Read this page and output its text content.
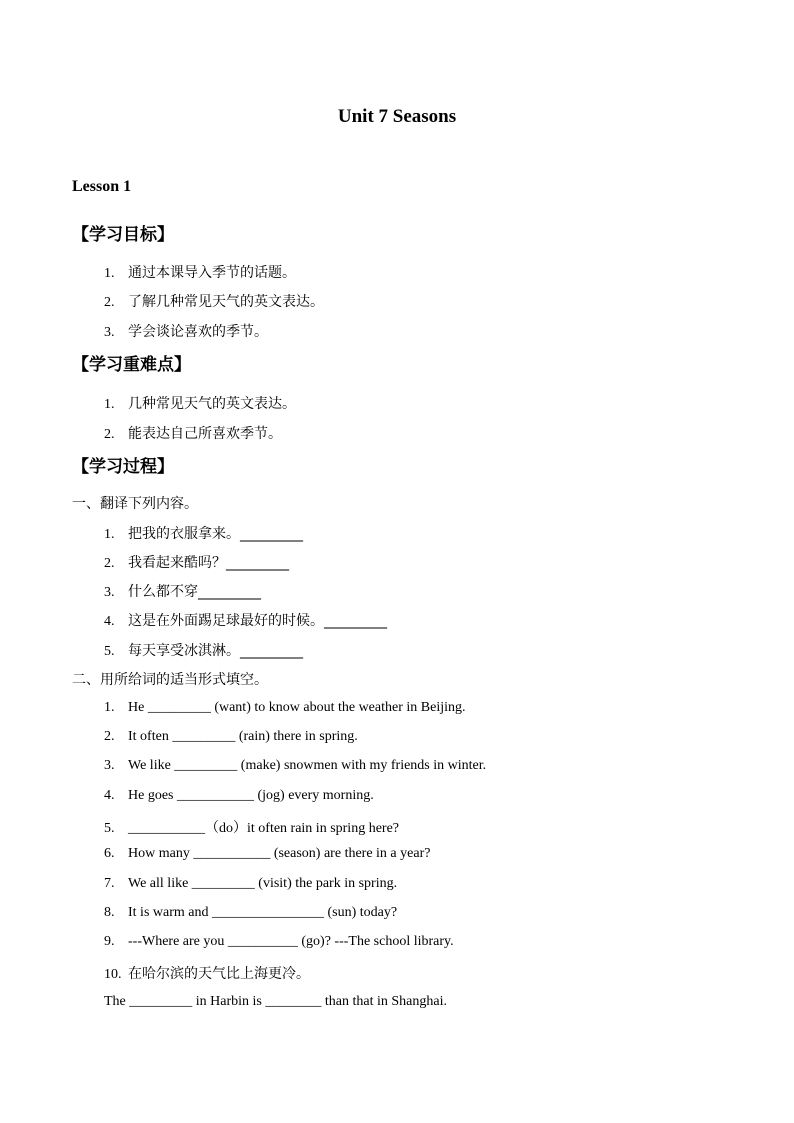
Unit 7 Seasons
Lesson 1
【学习目标】
1. 通过本课导入季节的话题。
2. 了解几种常见天气的英文表达。
3. 学会谈论喜欢的季节。
【学习重难点】
1. 几种常见天气的英文表达。
2. 能表达自己所喜欢季节。
【学习过程】
一、翻译下列内容。
1. 把我的衣服拿来。_________
2. 我看起来酷吗？_________
3. 什么都不穿_________
4. 这是在外面踢足球最好的时候。_________
5. 每天享受冰淇淋。_________
二、用所给词的适当形式填空。
1. He _________ (want) to know about the weather in Beijing.
2. It often _________ (rain) there in spring.
3. We like _________ (make) snowmen with my friends in winter.
4. He goes ___________ (jog) every morning.
5. ___________（do）it often rain in spring here?
6. How many ___________ (season) are there in a year?
7. We all like _________ (visit) the park in spring.
8. It is warm and ________________ (sun) today?
9. ---Where are you __________ (go)? ---The school library.
10. 在哈尔滨的天气比上海更冷。
The _________ in Harbin is ________ than that in Shanghai.
